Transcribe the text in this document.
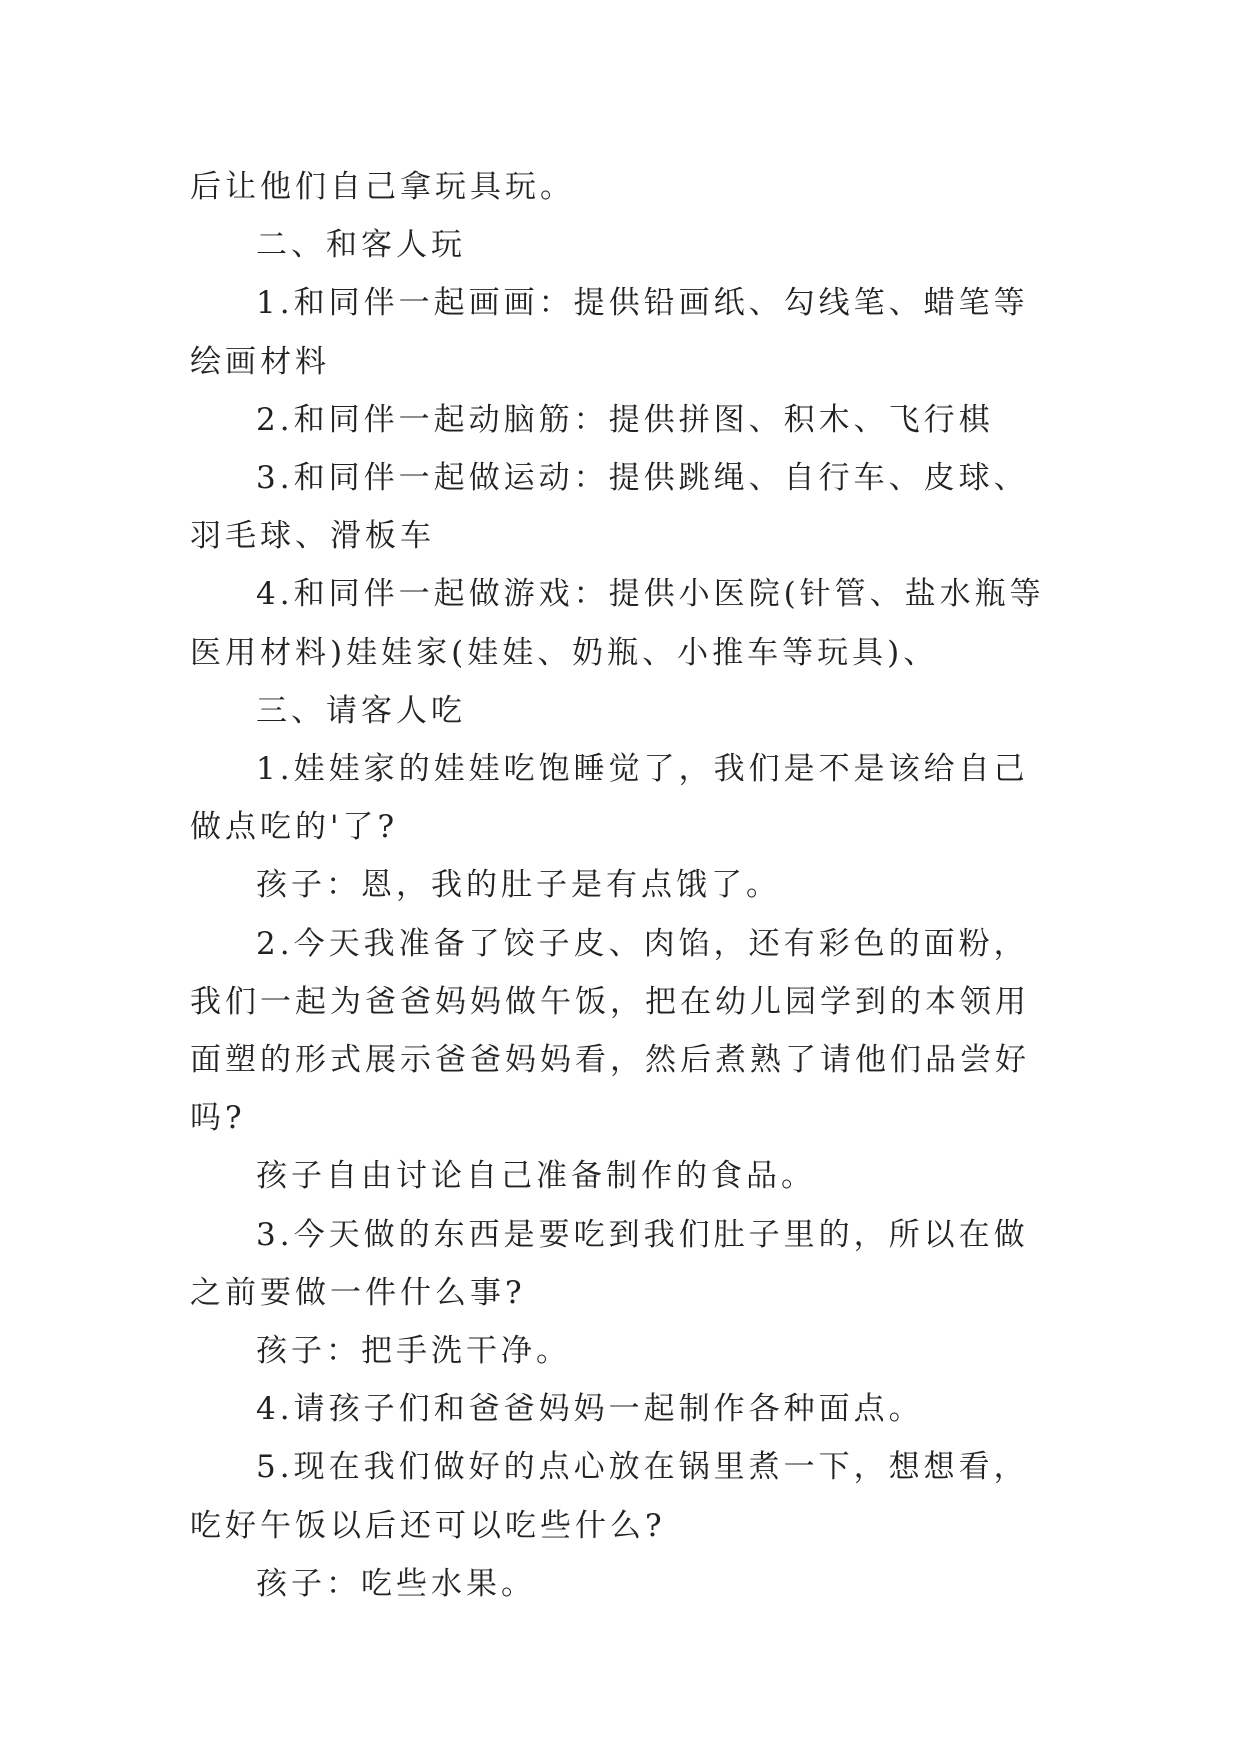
后让他们自己拿玩具玩。

二、和客人玩

1.和同伴一起画画：提供铅画纸、勾线笔、蜡笔等绘画材料

2.和同伴一起动脑筋：提供拼图、积木、飞行棋

3.和同伴一起做运动：提供跳绳、自行车、皮球、羽毛球、滑板车

4.和同伴一起做游戏：提供小医院(针管、盐水瓶等医用材料)娃娃家(娃娃、奶瓶、小推车等玩具)、

三、请客人吃

1.娃娃家的娃娃吃饱睡觉了，我们是不是该给自己做点吃的'了?

孩子：恩，我的肚子是有点饿了。

2.今天我准备了饺子皮、肉馅，还有彩色的面粉，我们一起为爸爸妈妈做午饭，把在幼儿园学到的本领用面塑的形式展示爸爸妈妈看，然后煮熟了请他们品尝好吗?

孩子自由讨论自己准备制作的食品。

3.今天做的东西是要吃到我们肚子里的，所以在做之前要做一件什么事?

孩子：把手洗干净。

4.请孩子们和爸爸妈妈一起制作各种面点。

5.现在我们做好的点心放在锅里煮一下，想想看，吃好午饭以后还可以吃些什么?

孩子：吃些水果。
